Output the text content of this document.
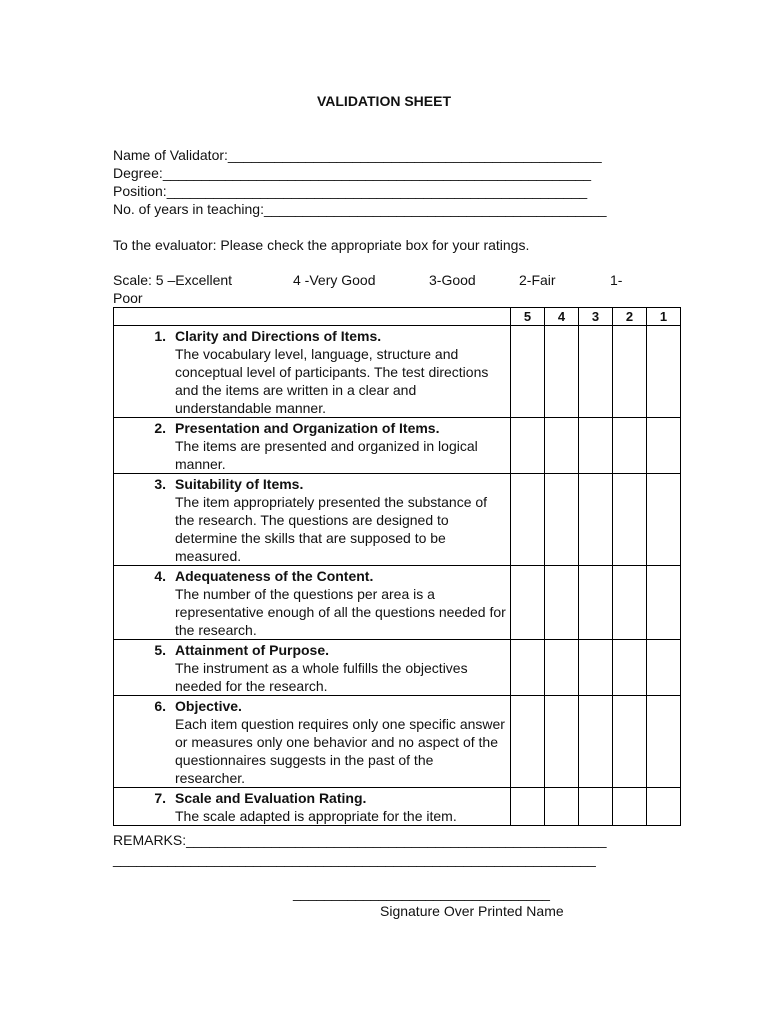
VALIDATION SHEET
Name of Validator:________________________________________________
Degree:_______________________________________________________
Position:______________________________________________________
No. of years in teaching:____________________________________________
To the evaluator: Please check the appropriate box for your ratings.
Scale: 5 –Excellent	4 -Very Good	3-Good	2-Fair	1-
Poor
	5	4	3	2	1

1. Clarity and Directions of Items.
The vocabulary level, language, structure and conceptual level of participants. The test directions and the items are written in a clear and understandable manner.					

2. Presentation and Organization of Items.
The items are presented and organized in logical manner.					

3. Suitability of Items.
The item appropriately presented the substance of the research. The questions are designed to determine the skills that are supposed to be measured.					

4. Adequateness of the Content.
The number of the questions per area is a representative enough of all the questions needed for the research.					

5. Attainment of Purpose.
The instrument as a whole fulfills the objectives needed for the research.					

6. Objective.
Each item question requires only one specific answer or measures only one behavior and no aspect of the questionnaires suggests in the past of the researcher.					

7. Scale and Evaluation Rating.
The scale adapted is appropriate for the item.					

REMARKS:______________________________________________________
______________________________________________________________
_________________________________
Signature Over Printed Name
